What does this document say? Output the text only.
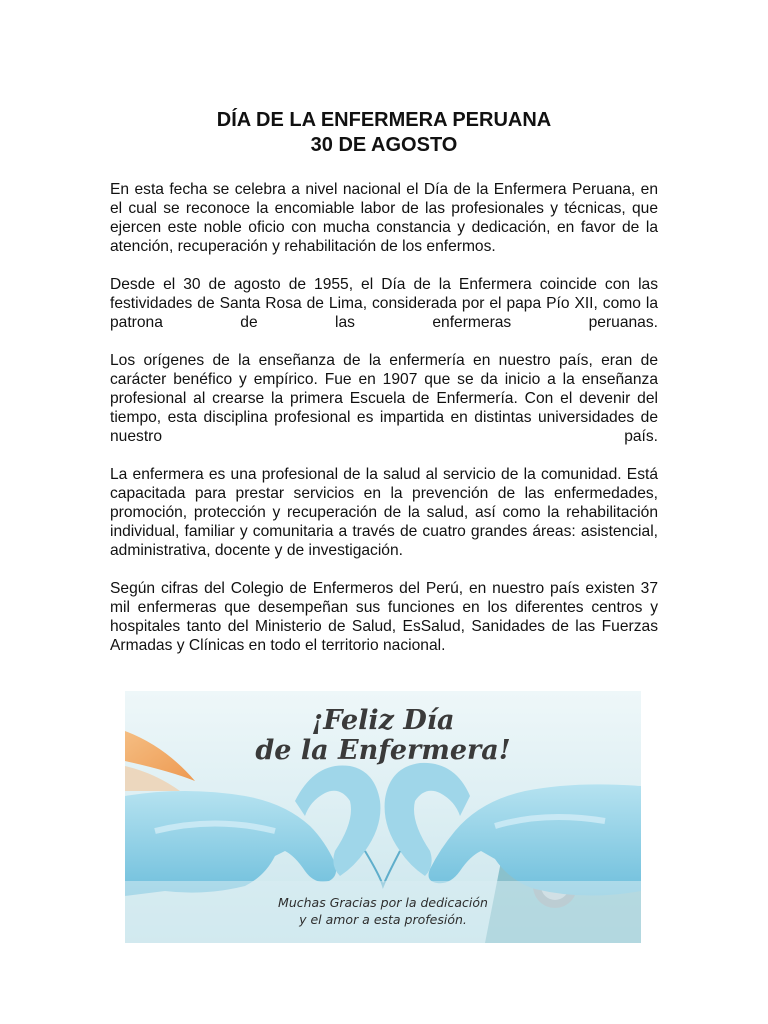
DÍA DE LA ENFERMERA PERUANA
30 DE AGOSTO

En esta fecha se celebra a nivel nacional el Día de la Enfermera Peruana, en el cual se reconoce la encomiable labor de las profesionales y técnicas, que ejercen este noble oficio con mucha constancia y dedicación, en favor de la atención, recuperación y rehabilitación de los enfermos.

Desde el 30 de agosto de 1955, el Día de la Enfermera coincide con las festividades de Santa Rosa de Lima, considerada por el papa Pío XII, como la patrona de las enfermeras peruanas.

Los orígenes de la enseñanza de la enfermería en nuestro país, eran de carácter benéfico y empírico. Fue en 1907 que se da inicio a la enseñanza profesional al crearse la primera Escuela de Enfermería. Con el devenir del tiempo, esta disciplina profesional es impartida en distintas universidades de nuestro país.

La enfermera es una profesional de la salud al servicio de la comunidad. Está capacitada para prestar servicios en la prevención de las enfermedades, promoción, protección y recuperación de la salud, así como la rehabilitación individual, familiar y comunitaria a través de cuatro grandes áreas: asistencial, administrativa, docente y de investigación.

Según cifras del Colegio de Enfermeros del Perú, en nuestro país existen 37 mil enfermeras que desempeñan sus funciones en los diferentes centros y hospitales tanto del Ministerio de Salud, EsSalud, Sanidades de las Fuerzas Armadas y Clínicas en todo el territorio nacional.

¡Feliz Día
de la Enfermera!
Muchas Gracias por la dedicación
y el amor a esta profesión.
